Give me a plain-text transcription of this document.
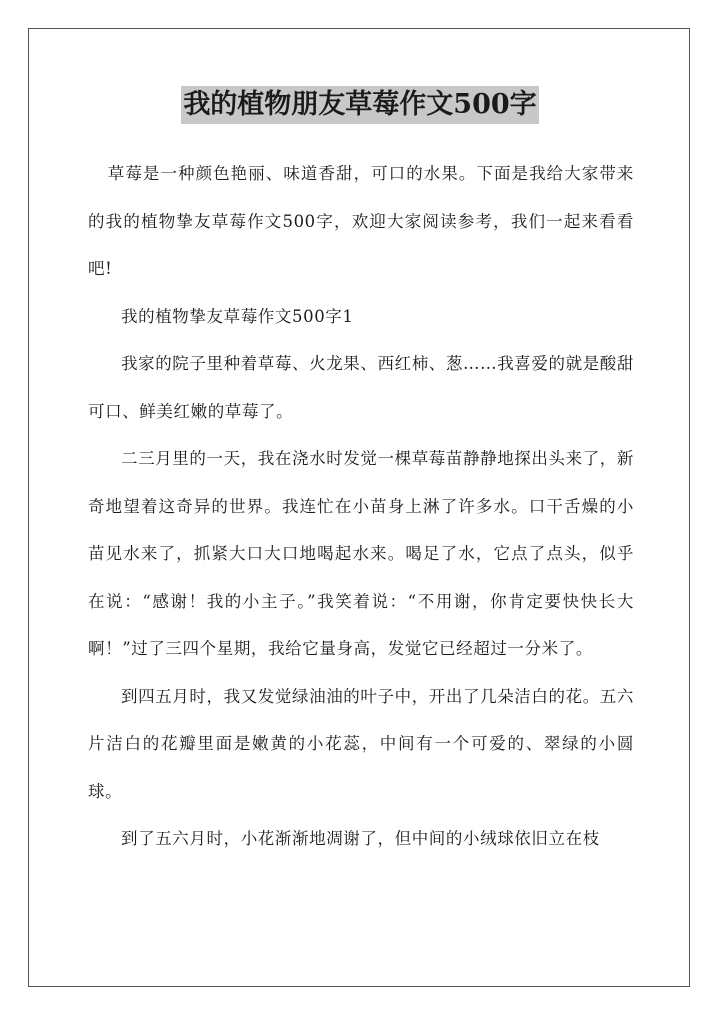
我的植物朋友草莓作文500字

草莓是一种颜色艳丽、味道香甜，可口的水果。下面是我给大家带来的我的植物挚友草莓作文500字，欢迎大家阅读参考，我们一起来看看吧!

我的植物挚友草莓作文500字1

我家的院子里种着草莓、火龙果、西红柿、葱……我喜爱的就是酸甜可口、鲜美红嫩的草莓了。

二三月里的一天，我在浇水时发觉一棵草莓苗静静地探出头来了，新奇地望着这奇异的世界。我连忙在小苗身上淋了许多水。口干舌燥的小苗见水来了，抓紧大口大口地喝起水来。喝足了水，它点了点头，似乎在说：“感谢！我的小主子。”我笑着说：“不用谢，你肯定要快快长大啊！”过了三四个星期，我给它量身高，发觉它已经超过一分米了。

到四五月时，我又发觉绿油油的叶子中，开出了几朵洁白的花。五六片洁白的花瓣里面是嫩黄的小花蕊，中间有一个可爱的、翠绿的小圆球。

到了五六月时，小花渐渐地凋谢了，但中间的小绒球依旧立在枝
